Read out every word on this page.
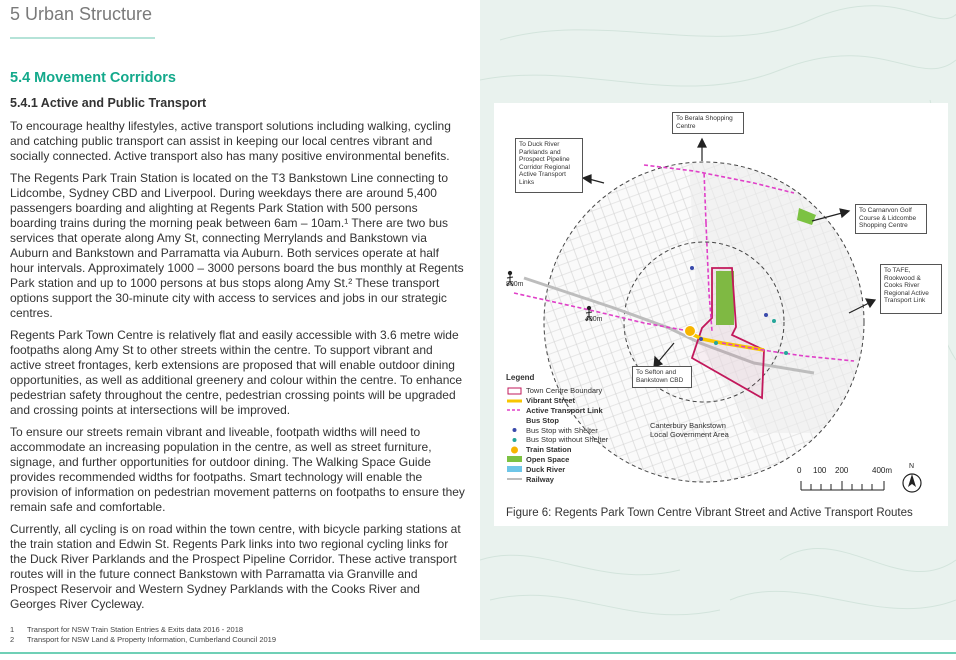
5 Urban Structure
5.4 Movement Corridors
5.4.1 Active and Public Transport

To encourage healthy lifestyles, active transport solutions including walking, cycling and catching public transport can assist in keeping our local centres vibrant and socially connected. Active transport also has many positive environmental benefits.

The Regents Park Train Station is located on the T3 Bankstown Line connecting to Lidcombe, Sydney CBD and Liverpool. During weekdays there are around 5,400 passengers boarding and alighting at Regents Park Station with 500 persons boarding trains during the morning peak between 6am – 10am.¹ There are two bus services that operate along Amy St, connecting Merrylands and Bankstown via Auburn and Bankstown and Parramatta via Auburn. Both services operate at half hour intervals. Approximately 1000 – 3000 persons board the bus monthly at Regents Park station and up to 1000 persons at bus stops along Amy St.² These transport options support the 30-minute city with access to services and jobs in our strategic centres.

Regents Park Town Centre is relatively flat and easily accessible with 3.6 metre wide footpaths along Amy St to other streets within the centre. To support vibrant and active street frontages, kerb extensions are proposed that will enable outdoor dining opportunities, as well as additional greenery and colour within the centre. To enhance pedestrian safety throughout the centre, pedestrian crossing points will be upgraded and crossing points at intersections will be improved.

To ensure our streets remain vibrant and liveable, footpath widths will need to accommodate an increasing population in the centre, as well as street furniture, signage, and further opportunities for outdoor dining. The Walking Space Guide provides recommended widths for footpaths. Smart technology will enable the provision of information on pedestrian movement patterns on footpaths to ensure they remain safe and comfortable.

Currently, all cycling is on road within the town centre, with bicycle parking stations at the train station and Edwin St. Regents Park links into two regional cycling links for the Duck River Parklands and the Prospect Pipeline Corridor. These active transport routes will in the future connect Bankstown with Parramatta via Granville and Prospect Reservoir and Western Sydney Parklands with the Cooks River and Georges River Cycleway.

1	Transport for NSW Train Station Entries & Exits data 2016 - 2018
2	Transport for NSW Land & Property Information, Cumberland Council 2019
To Berala Shopping Centre
To Duck River Parklands and Prospect Pipeline Corridor Regional Active Transport Links
To Carnarvon Golf Course & Lidcombe Shopping Centre
To TAFE, Rookwood & Cooks River Regional Active Transport Link
To Sefton and Bankstown CBD
800m
400m
Canterbury Bankstown Local Government Area
Legend
Town Centre Boundary
Vibrant Street
Active Transport Link
Bus Stop
Bus Stop with Shelter
Bus Stop without Shelter
Train Station
Open Space
Duck River
Railway
0 100 200	400m N
Figure 6: Regents Park Town Centre Vibrant Street and Active Transport Routes
